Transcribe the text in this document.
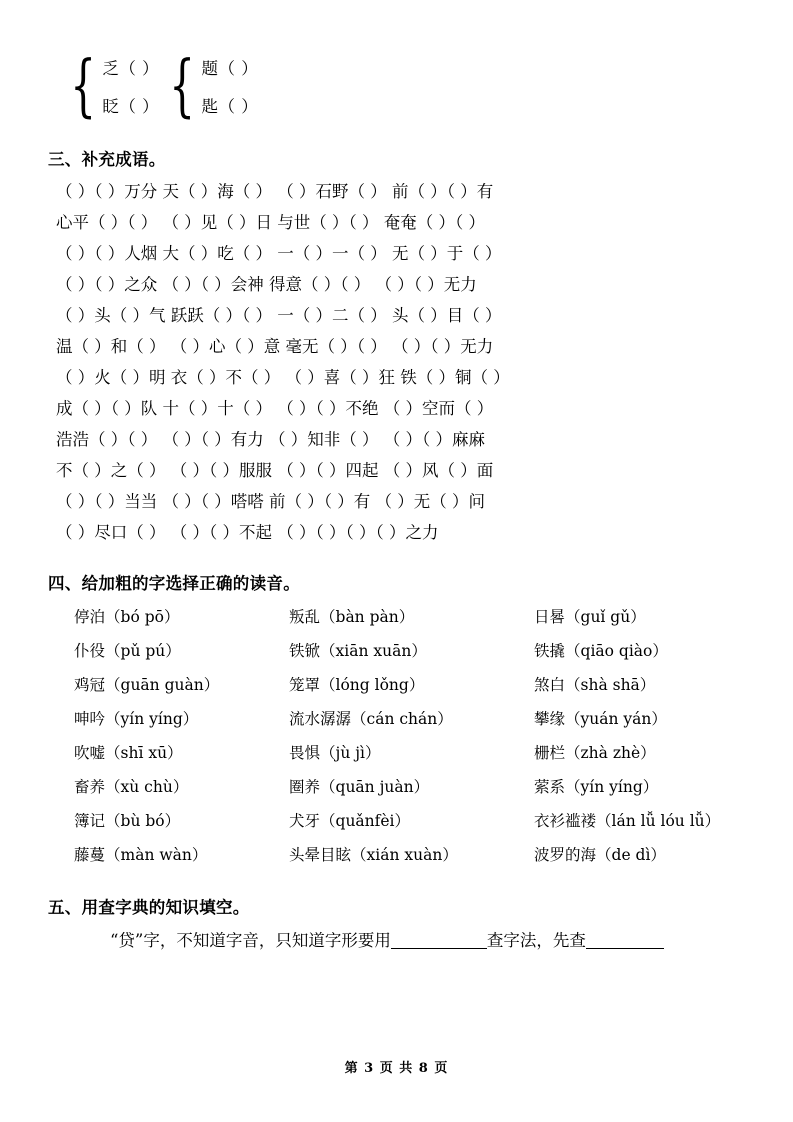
{ 乏（ ）
眨（ ） { 题（ ）
匙（ ）
三、补充成语。
（ ）（ ）万分 天（ ）海（ ） （ ）石野（ ） 前（ ）（ ）有
心平（ ）（ ） （ ）见（ ）日 与世（ ）（ ） 奄奄（ ）（ ）
（ ）（ ）人烟 大（ ）吃（ ） 一（ ）一（ ） 无（ ）于（ ）
（ ）（ ）之众 （ ）（ ）会神 得意（ ）（ ） （ ）（ ）无力
（ ）头（ ）气 跃跃（ ）（ ） 一（ ）二（ ） 头（ ）目（ ）
温（ ）和（ ） （ ）心（ ）意 毫无（ ）（ ） （ ）（ ）无力
（ ）火（ ）明 衣（ ）不（ ） （ ）喜（ ）狂 铁（ ）铜（ ）
成（ ）（ ）队 十（ ）十（ ） （ ）（ ）不绝 （ ）空而（ ）
浩浩（ ）（ ） （ ）（ ）有力 （ ）知非（ ） （ ）（ ）麻麻
不（ ）之（ ） （ ）（ ）服服 （ ）（ ）四起 （ ）风（ ）面
（ ）（ ）当当 （ ）（ ）嗒嗒 前（ ）（ ）有 （ ）无（ ）问
（ ）尽口（ ） （ ）（ ）不起 （ ）（ ）（ ）（ ）之力
四、给加粗的字选择正确的读音。
停泊（bó pō）	叛乱（bàn pàn）	日晷（guǐ gǔ）
仆役（pǔ pú）	铁锨（xiān xuān）	铁撬（qiāo qiào）
鸡冠（guān guàn）	笼罩（lóng lǒng）	煞白（shà shā）
呻吟（yín yíng）	流水潺潺（cán chán）	攀缘（yuán yán）
吹嘘（shī xū）	畏惧（jù jì）	栅栏（zhà zhè）
畜养（xù chù）	圈养（quān juàn）	萦系（yín yíng）
簿记（bù bó）	犬牙（quǎnfèi）	衣衫褴褛（lán lǚ lóu lǚ）
藤蔓（màn wàn）	头晕目眩（xián xuàn）	波罗的海（de dì）
五、用查字典的知识填空。
“贷”字，不知道字音，只知道字形要用	查字法，先查
第 3 页 共 8 页
